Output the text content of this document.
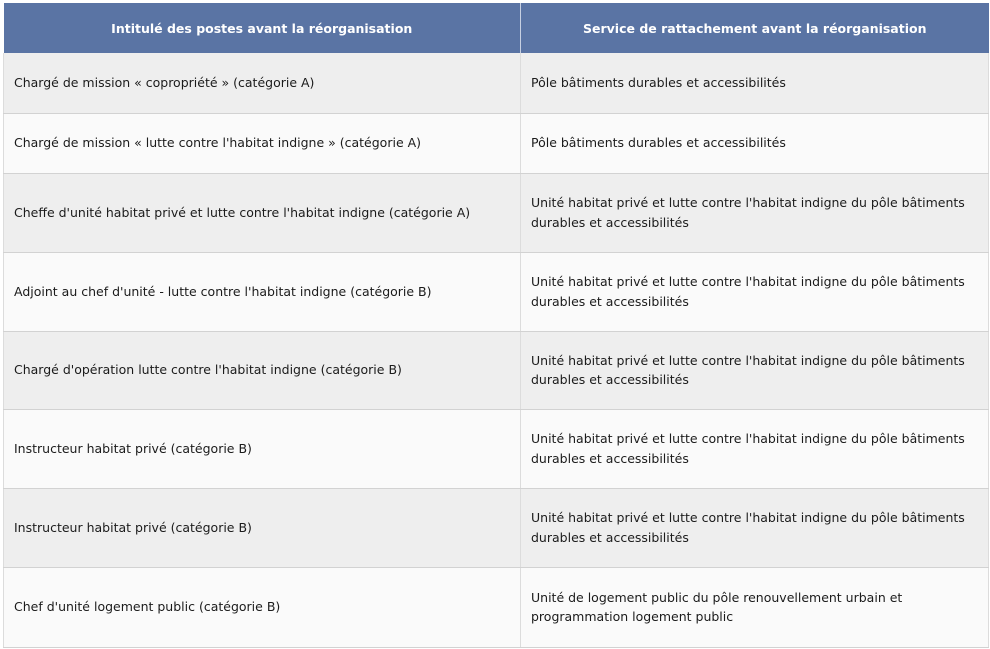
Intitulé des postes avant la réorganisation	Service de rattachement avant la réorganisation
Chargé de mission « copropriété » (catégorie A)	Pôle bâtiments durables et accessibilités
Chargé de mission « lutte contre l'habitat indigne » (catégorie A)	Pôle bâtiments durables et accessibilités
Cheffe d'unité habitat privé et lutte contre l'habitat indigne (catégorie A)	Unité habitat privé et lutte contre l'habitat indigne du pôle bâtiments durables et accessibilités
Adjoint au chef d'unité - lutte contre l'habitat indigne (catégorie B)	Unité habitat privé et lutte contre l'habitat indigne du pôle bâtiments durables et accessibilités
Chargé d'opération lutte contre l'habitat indigne (catégorie B)	Unité habitat privé et lutte contre l'habitat indigne du pôle bâtiments durables et accessibilités
Instructeur habitat privé (catégorie B)	Unité habitat privé et lutte contre l'habitat indigne du pôle bâtiments durables et accessibilités
Instructeur habitat privé (catégorie B)	Unité habitat privé et lutte contre l'habitat indigne du pôle bâtiments durables et accessibilités
Chef d'unité logement public (catégorie B)	Unité de logement public du pôle renouvellement urbain et programmation logement public
